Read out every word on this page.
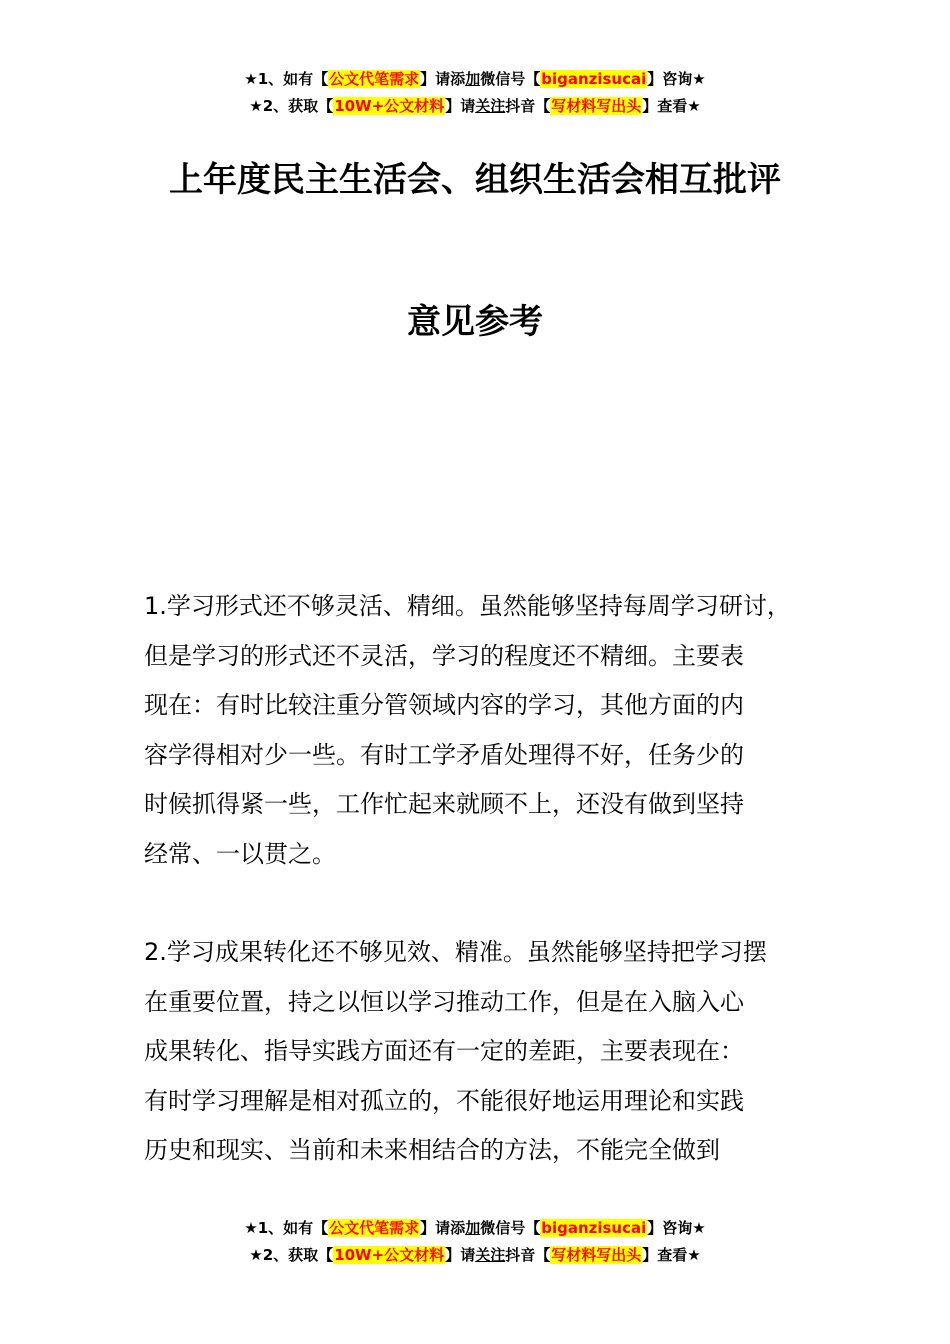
★1、如有【公文代笔需求】请添加微信号【biganzisucai】咨询★
★2、获取【10W+公文材料】请关注抖音【写材料写出头】查看★
上年度民主生活会、组织生活会相互批评
意见参考
1.学习形式还不够灵活、精细。虽然能够坚持每周学习研讨，
但是学习的形式还不灵活，学习的程度还不精细。主要表
现在：有时比较注重分管领域内容的学习，其他方面的内
容学得相对少一些。有时工学矛盾处理得不好，任务少的
时候抓得紧一些，工作忙起来就顾不上，还没有做到坚持
经常、一以贯之。
2.学习成果转化还不够见效、精准。虽然能够坚持把学习摆
在重要位置，持之以恒以学习推动工作，但是在入脑入心
成果转化、指导实践方面还有一定的差距，主要表现在：
有时学习理解是相对孤立的，不能很好地运用理论和实践
历史和现实、当前和未来相结合的方法，不能完全做到
★1、如有【公文代笔需求】请添加微信号【biganzisucai】咨询★
★2、获取【10W+公文材料】请关注抖音【写材料写出头】查看★
